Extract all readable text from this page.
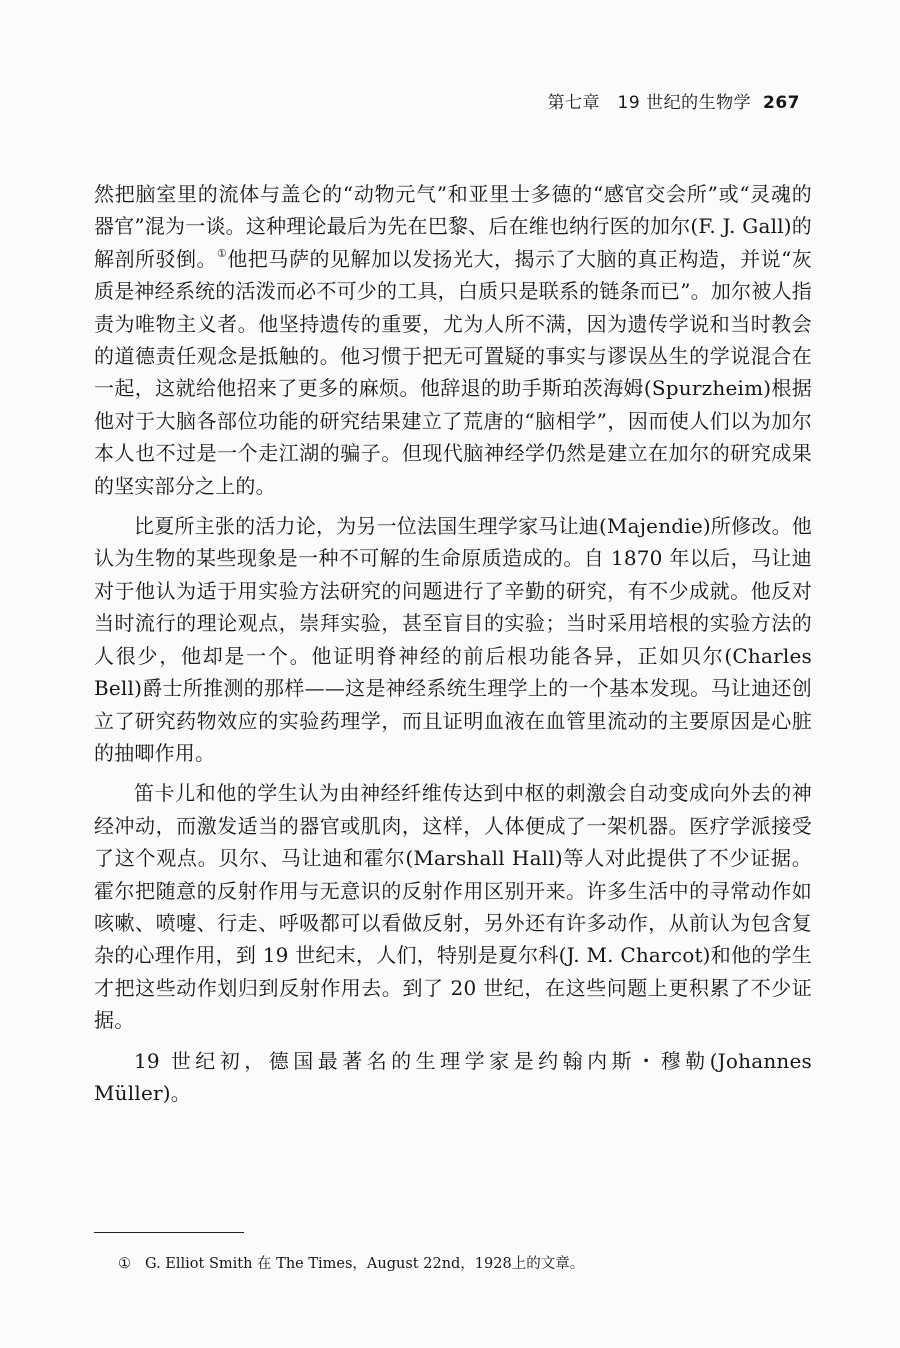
第七章　19 世纪的生物学 267

然把脑室里的流体与盖仑的“动物元气”和亚里士多德的“感官交会所”或“灵魂的器官”混为一谈。这种理论最后为先在巴黎、后在维也纳行医的加尔(F. J. Gall)的解剖所驳倒。①他把马萨的见解加以发扬光大，揭示了大脑的真正构造，并说“灰质是神经系统的活泼而必不可少的工具，白质只是联系的链条而已”。加尔被人指责为唯物主义者。他坚持遗传的重要，尤为人所不满，因为遗传学说和当时教会的道德责任观念是抵触的。他习惯于把无可置疑的事实与谬误丛生的学说混合在一起，这就给他招来了更多的麻烦。他辞退的助手斯珀茨海姆(Spurzheim)根据他对于大脑各部位功能的研究结果建立了荒唐的“脑相学”，因而使人们以为加尔本人也不过是一个走江湖的骗子。但现代脑神经学仍然是建立在加尔的研究成果的坚实部分之上的。

比夏所主张的活力论，为另一位法国生理学家马让迪(Majendie)所修改。他认为生物的某些现象是一种不可解的生命原质造成的。自 1870 年以后，马让迪对于他认为适于用实验方法研究的问题进行了辛勤的研究，有不少成就。他反对当时流行的理论观点，崇拜实验，甚至盲目的实验；当时采用培根的实验方法的人很少，他却是一个。他证明脊神经的前后根功能各异，正如贝尔(Charles Bell)爵士所推测的那样——这是神经系统生理学上的一个基本发现。马让迪还创立了研究药物效应的实验药理学，而且证明血液在血管里流动的主要原因是心脏的抽唧作用。

笛卡儿和他的学生认为由神经纤维传达到中枢的刺激会自动变成向外去的神经冲动，而激发适当的器官或肌肉，这样，人体便成了一架机器。医疗学派接受了这个观点。贝尔、马让迪和霍尔(Marshall Hall)等人对此提供了不少证据。霍尔把随意的反射作用与无意识的反射作用区别开来。许多生活中的寻常动作如咳嗽、喷嚏、行走、呼吸都可以看做反射，另外还有许多动作，从前认为包含复杂的心理作用，到 19 世纪末，人们，特别是夏尔科(J. M. Charcot)和他的学生才把这些动作划归到反射作用去。到了 20 世纪，在这些问题上更积累了不少证据。

19 世纪初，德国最著名的生理学家是约翰内斯・穆勒(Johannes Müller)。

① G. Elliot Smith 在 The Times，August 22nd，1928上的文章。
